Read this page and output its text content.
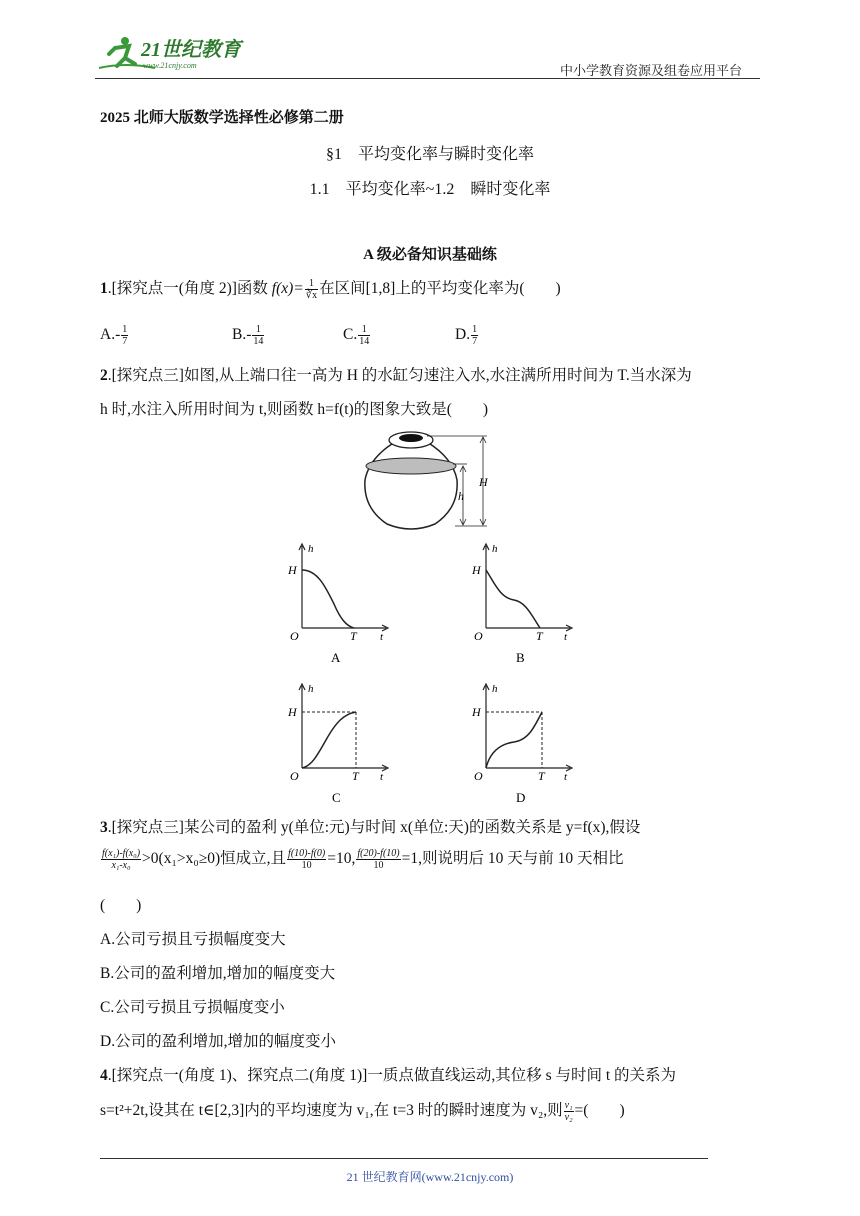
21世纪教育
www.21cnjy.com	中小学教育资源及组卷应用平台
2025 北师大版数学选择性必修第二册
§1　平均变化率与瞬时变化率
1.1　平均变化率~1.2　瞬时变化率
A 级必备知识基础练
1.[探究点一(角度 2)]函数 $f(x)= \frac{1}{∛x}$ 在区间[1,8]上的平均变化率为(　　)
$A.- \frac{1}{7}$	$B.- \frac{1}{14}$	C. $\frac{1}{14}$	D. $\frac{1}{7}$
2.[探究点三]如图,从上端口往一高为 H 的水缸匀速注入水,水注满所用时间为 T.当水深为
h 时,水注入所用时间为 t,则函数 h=f(t)的图象大致是(　　)
H
h
h
H
O	T t
A
h
H
O	T t
B
h
H
O	T t
C
h
H
O	T t
D
3.[探究点三]某公司的盈利 y(单位:元)与时间 x(单位:天)的函数关系是 y=f(x),假设
$\frac{\text{f(x₁)-f(x₀)}}{\text{x₁-x₀}} >0(x_1>x_0\ge 0)$恒成立,且 $\frac{f(10)-f(0)}{10} =10$, $\frac{f(20)-f(10)}{10} =1$,则说明后 10 天与前 10 天相比
(　　)
A.公司亏损且亏损幅度变大
B.公司的盈利增加,增加的幅度变大
C.公司亏损且亏损幅度变小
D.公司的盈利增加,增加的幅度变小
4.[探究点一(角度 1)、探究点二(角度 1)]一质点做直线运动,其位移 s 与时间 t 的关系为
s=t²+2t,设其在 t∈[2,3]内的平均速度为 v₁,在 t=3 时的瞬时速度为 v₂,则 $\frac{\text{v₁}}{\text{v₂}}$ =(　　)
21 世纪教育网(www.21cnjy.com)
